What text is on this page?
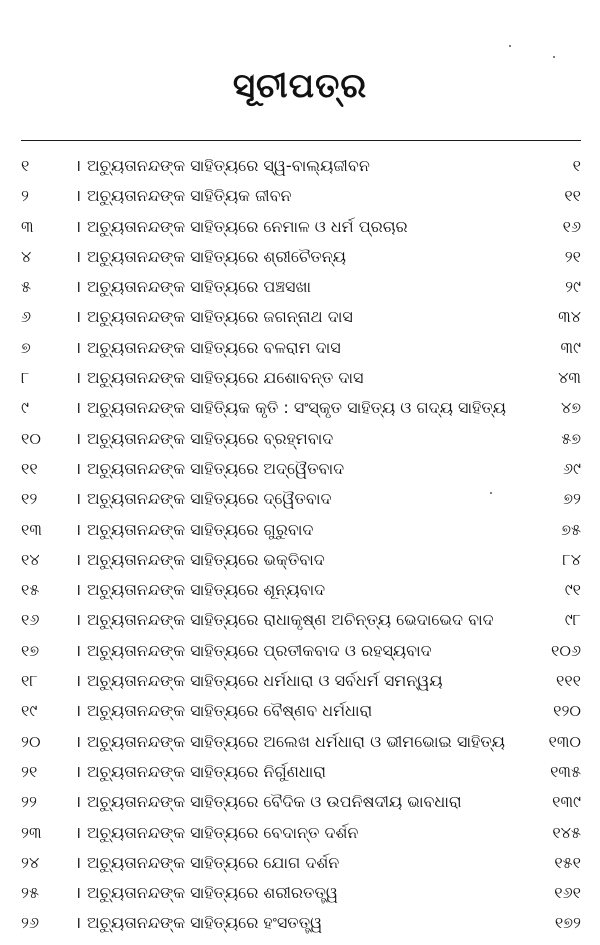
ସୂଚୀପତ୍ର
୧	। ଅଚ୍ୟୁତାନନ୍ଦଙ୍କ ସାହିତ୍ୟରେ ସ୍ୱ-ବାଲ୍ୟଜୀବନ	୧
୨	। ଅଚ୍ୟୁତାନନ୍ଦଙ୍କ ସାହିତ୍ୟିକ ଜୀବନ	୧୧
୩	। ଅଚ୍ୟୁତାନନ୍ଦଙ୍କ ସାହିତ୍ୟରେ ନେମାଳ ଓ ଧର୍ମ ପ୍ରଚାର	୧୬
୪	। ଅଚ୍ୟୁତାନନ୍ଦଙ୍କ ସାହିତ୍ୟରେ ଶ୍ରୀଚୈତନ୍ୟ	୨୧
୫	। ଅଚ୍ୟୁତାନନ୍ଦଙ୍କ ସାହିତ୍ୟରେ ପଞ୍ଚସଖା	୨୯
୬	। ଅଚ୍ୟୁତାନନ୍ଦଙ୍କ ସାହିତ୍ୟରେ ଜଗନ୍ନାଥ ଦାସ	୩୪
୭	। ଅଚ୍ୟୁତାନନ୍ଦଙ୍କ ସାହିତ୍ୟରେ ବଳରାମ ଦାସ	୩୯
୮	। ଅଚ୍ୟୁତାନନ୍ଦଙ୍କ ସାହିତ୍ୟରେ ଯଶୋବନ୍ତ ଦାସ	୪୩
୯	। ଅଚ୍ୟୁତାନନ୍ଦଙ୍କ ସାହିତ୍ୟିକ କୃତି : ସଂସ୍କୃତ ସାହିତ୍ୟ ଓ ଗଦ୍ୟ ସାହିତ୍ୟ	୪୭
୧୦	। ଅଚ୍ୟୁତାନନ୍ଦଙ୍କ ସାହିତ୍ୟରେ ବ୍ରହ୍ମବାଦ	୫୭
୧୧	। ଅଚ୍ୟୁତାନନ୍ଦଙ୍କ ସାହିତ୍ୟରେ ଅଦ୍ୱୈତବାଦ	୬୯
୧୨	। ଅଚ୍ୟୁତାନନ୍ଦଙ୍କ ସାହିତ୍ୟରେ ଦ୍ୱୈତବାଦ	୭୨
୧୩	। ଅଚ୍ୟୁତାନନ୍ଦଙ୍କ ସାହିତ୍ୟରେ ଗୁରୁବାଦ	୭୫
୧୪	। ଅଚ୍ୟୁତାନନ୍ଦଙ୍କ ସାହିତ୍ୟରେ ଭକ୍ତିବାଦ	୮୪
୧୫	। ଅଚ୍ୟୁତାନନ୍ଦଙ୍କ ସାହିତ୍ୟରେ ଶୂନ୍ୟବାଦ	୯୧
୧୬	। ଅଚ୍ୟୁତାନନ୍ଦଙ୍କ ସାହିତ୍ୟରେ ରାଧାକୃଷ୍ଣ ଅଚିନ୍ତ୍ୟ ଭେଦାଭେଦ ବାଦ	୯୮
୧୭	। ଅଚ୍ୟୁତାନନ୍ଦଙ୍କ ସାହିତ୍ୟରେ ପ୍ରତୀକବାଦ ଓ ରହସ୍ୟବାଦ	୧୦୬
୧୮	। ଅଚ୍ୟୁତାନନ୍ଦଙ୍କ ସାହିତ୍ୟରେ ଧର୍ମଧାରା ଓ ସର୍ବଧର୍ମ ସମନ୍ୱୟ	୧୧୧
୧୯	। ଅଚ୍ୟୁତାନନ୍ଦଙ୍କ ସାହିତ୍ୟରେ ବୈଷ୍ଣବ ଧର୍ମଧାରା	୧୨୦
୨୦	। ଅଚ୍ୟୁତାନନ୍ଦଙ୍କ ସାହିତ୍ୟରେ ଅଲେଖ ଧର୍ମଧାରା ଓ ଭୀମଭୋଇ ସାହିତ୍ୟ	୧୩୦
୨୧	। ଅଚ୍ୟୁତାନନ୍ଦଙ୍କ ସାହିତ୍ୟରେ ନିର୍ଗୁଣଧାରା	୧୩୫
୨୨	। ଅଚ୍ୟୁତାନନ୍ଦଙ୍କ ସାହିତ୍ୟରେ ବୈଦିକ ଓ ଉପନିଷଦୀୟ ଭାବଧାରା	୧୩୯
୨୩	। ଅଚ୍ୟୁତାନନ୍ଦଙ୍କ ସାହିତ୍ୟରେ ବେଦାନ୍ତ ଦର୍ଶନ	୧୪୫
୨୪	। ଅଚ୍ୟୁତାନନ୍ଦଙ୍କ ସାହିତ୍ୟରେ ଯୋଗ ଦର୍ଶନ	୧୫୧
୨୫	। ଅଚ୍ୟୁତାନନ୍ଦଙ୍କ ସାହିତ୍ୟରେ ଶରୀରତତ୍ତ୍ୱ	୧୬୧
୨୬	। ଅଚ୍ୟୁତାନନ୍ଦଙ୍କ ସାହିତ୍ୟରେ ହଂସତତ୍ତ୍ୱ	୧୭୨
